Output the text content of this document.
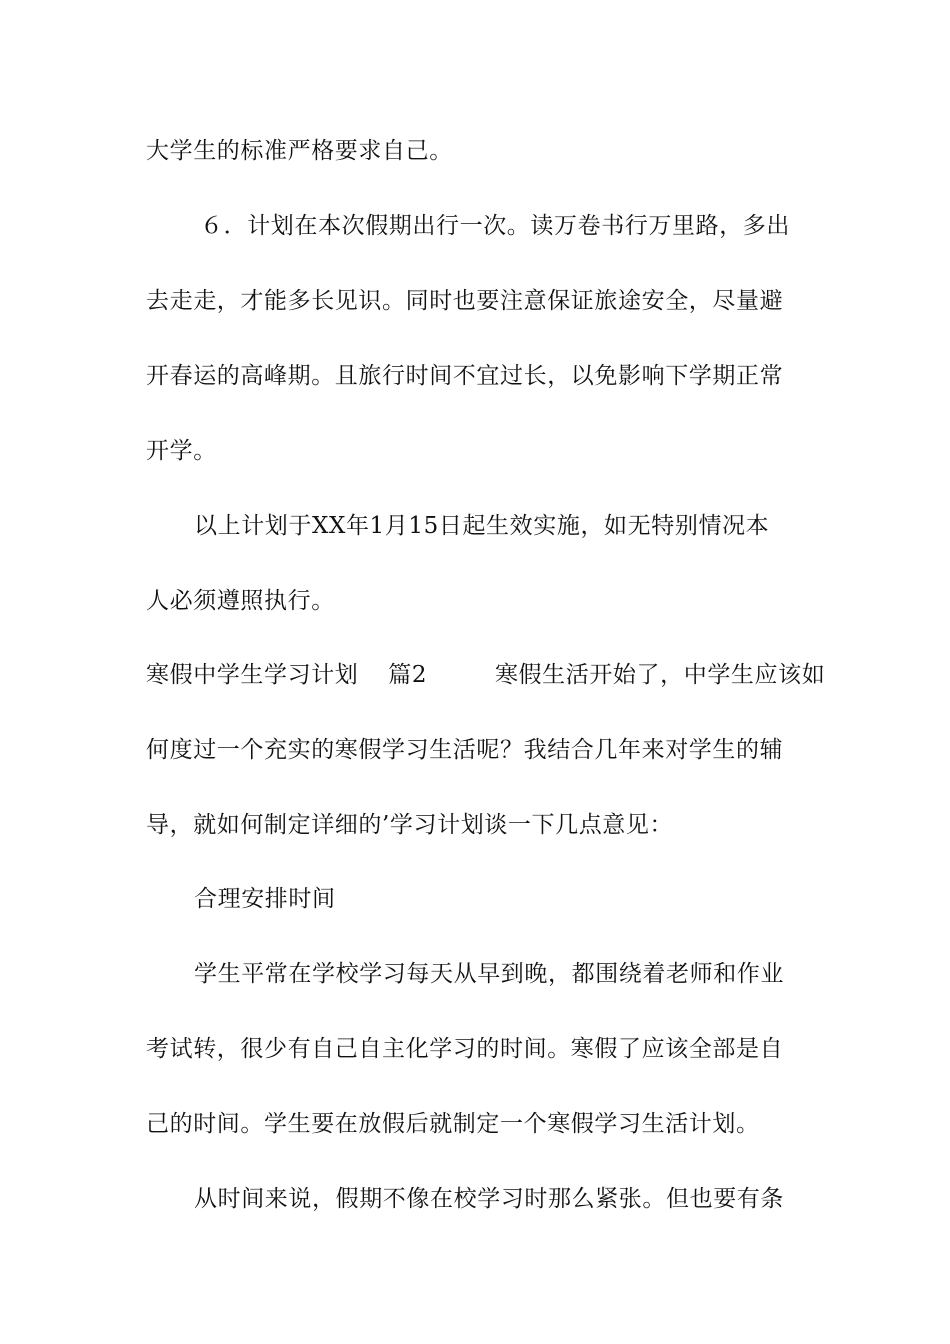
大学生的标准严格要求自己。
６．计划在本次假期出行一次。读万卷书行万里路，多出
去走走，才能多长见识。同时也要注意保证旅途安全，尽量避
开春运的高峰期。且旅行时间不宜过长，以免影响下学期正常
开学。
以上计划于XX年1月15日起生效实施，如无特别情况本
人必须遵照执行。
寒假中学生学习计划 篇2	寒假生活开始了，中学生应该如
何度过一个充实的寒假学习生活呢？我结合几年来对学生的辅
导，就如何制定详细的’学习计划谈一下几点意见：
合理安排时间
学生平常在学校学习每天从早到晚，都围绕着老师和作业
考试转，很少有自己自主化学习的时间。寒假了应该全部是自
己的时间。学生要在放假后就制定一个寒假学习生活计划。
从时间来说，假期不像在校学习时那么紧张。但也要有条
